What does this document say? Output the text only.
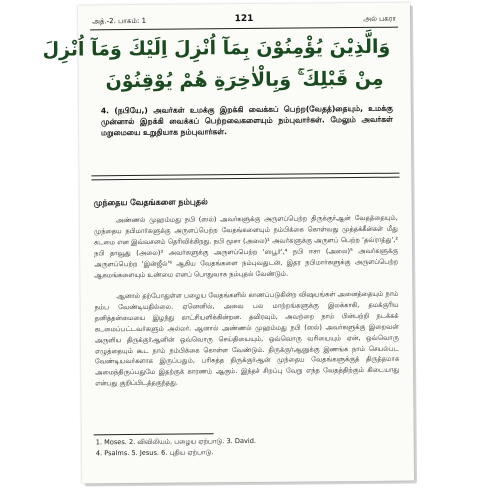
அத்.-2. பாகம்: 1	121	அல் பகரா
وَالَّذِيْنَ يُؤْمِنُوْنَ بِمَآ اُنْزِلَ اِلَيْكَ وَمَآ اُنْزِلَ
مِنْ قَبْلِكَ ۚ وَبِالْاٰخِرَةِ هُمْ يُوْقِنُوْنَ
4. (நபியே,) அவர்கள் உமக்கு இறக்கி வைக்கப் பெற்ற(வேதத்)தையும், உமக்கு முன்னால் இறக்கி வைக்கப் பெற்றவைகளையும் நம்புவார்கள். மேலும் அவர்கள் மறுமையை உறுதியாக நம்புவார்கள்.
முந்தைய வேதங்களை நம்புதல்
அண்ணல் முஹம்மது நபி (ஸல்) அவர்களுக்கு அருளப்பெற்ற திருக்குர்ஆன் வேதத்தையும், முந்தைய நபிமார்களுக்கு அருளப்பெற்ற வேதங்களையும் நம்பிக்கை கொள்வது முத்தக்கீன்கள் மீது கடமை என இவ்வசனம் தெரிவிக்கிறது. நபி மூசா (அலை)¹ அவர்களுக்கு அருளப் பெற்ற 'தவ்ராத்து',² நபி தாவூது (அலை)³ அவர்களுக்கு அருளப்பெற்ற 'ஸபூர்',⁴ நபி ஈசா (அலை)⁵ அவர்களுக்கு அருளப்பெற்ற 'இன்ஜீல்'⁶ ஆகிய வேதங்களை நம்புவதுடன், இதர நபிமார்களுக்கு அருளப்பெற்ற ஆகமங்களையும் உண்மை எனப் பொதுவாக நம்புதல் வேண்டும்.
ஆனால் தற்போதுள்ள பழைய வேதங்களில் காணப்படுகின்ற விஷயங்கள் அனைத்தையும் நாம் நம்ப வேண்டியதில்லை. ஏனெனில், அவை பல மாற்றங்களுக்கு இலக்காகி, தமக்குரிய தனித்தன்மையை இழந்து காட்சியளிக்கின்றன. தவிரவும், அவற்றை நாம் பின்பற்றி நடக்கக் கடமைப்பட்டவர்களும் அல்லர். ஆனால் அண்ணல் முஹம்மது நபி (ஸல்) அவர்களுக்கு இறைவன் அருளிய திருக்குர்ஆனின் ஒவ்வொரு செய்தியையும், ஒவ்வொரு வரியையும் ஏன், ஒவ்வொரு எழுத்தையும் கூட நாம் நம்பிக்கை கொள்ள வேண்டும். திருக்குர்ஆனுக்கு இணங்க நாம் செயல்பட வேண்டியவர்களாக இருப்பதும், பரிசுத்த திருக்குர்ஆன் முந்தைய வேதங்களுக்குத் திருத்தமாக அமைந்திருப்பதுமே இதற்குக் காரணம் ஆகும். இந்தச் சிறப்பு வேறு எந்த வேதத்திற்கும் கிடையாது என்பது குறிப்பிடத்தகுந்தது.
1. Moses. 2. விவிலியம். பழைய ஏற்பாடு. 3. David.
4. Psalms. 5. Jesus. 6. புதிய ஏற்பாடு.
